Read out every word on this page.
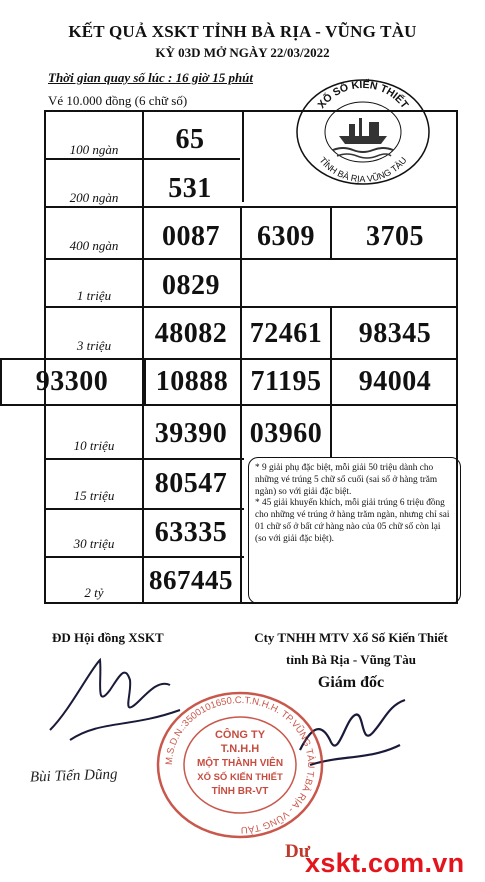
KẾT QUẢ XSKT TỈNH BÀ RỊA - VŨNG TÀU
KỲ 03D MỞ NGÀY 22/03/2022
Thời gian quay số lúc : 16 giờ 15 phút
Vé 10.000 đồng (6 chữ số)	XỔ SỐ KIẾN THIẾT
TỈNH BÀ RỊA VŨNG TÀU
100 ngàn	65
200 ngàn	531
400 ngàn	0087	6309	3705
1 triệu	0829
3 triệu	48082 72461	98345
93300	10888 71195	94004
10 triệu	39390 03960
15 triệu	80547
30 triệu	63335
2 tỷ	867445

* 9 giải phụ đặc biệt, mỗi giải 50 triệu dành cho những vé trúng 5 chữ số cuối (sai số ở hàng trăm ngàn) so với giải đặc biệt.

* 45 giải khuyến khích, mỗi giải trúng 6 triệu đồng cho những vé trúng ở hàng trăm ngàn, nhưng chỉ sai 01 chữ số ở bất cứ hàng nào của 05 chữ số còn lại (so với giải đặc biệt).

ĐD Hội đồng XSKT	Cty TNHH MTV Xổ Số Kiến Thiết
tỉnh Bà Rịa - Vũng Tàu
Giám đốc
Bùi Tiến Dũng
M.S.D.N.:3500101650.C.T.N.H.H. TP.VŨNG TÀU T.BÀ RỊA - VŨNG TÀU
CÔNG TY
T.N.H.H
MỘT THÀNH VIÊN
XỔ SỐ KIẾN THIẾT
TỈNH BR-VT
Dư
xskt.com.vn
